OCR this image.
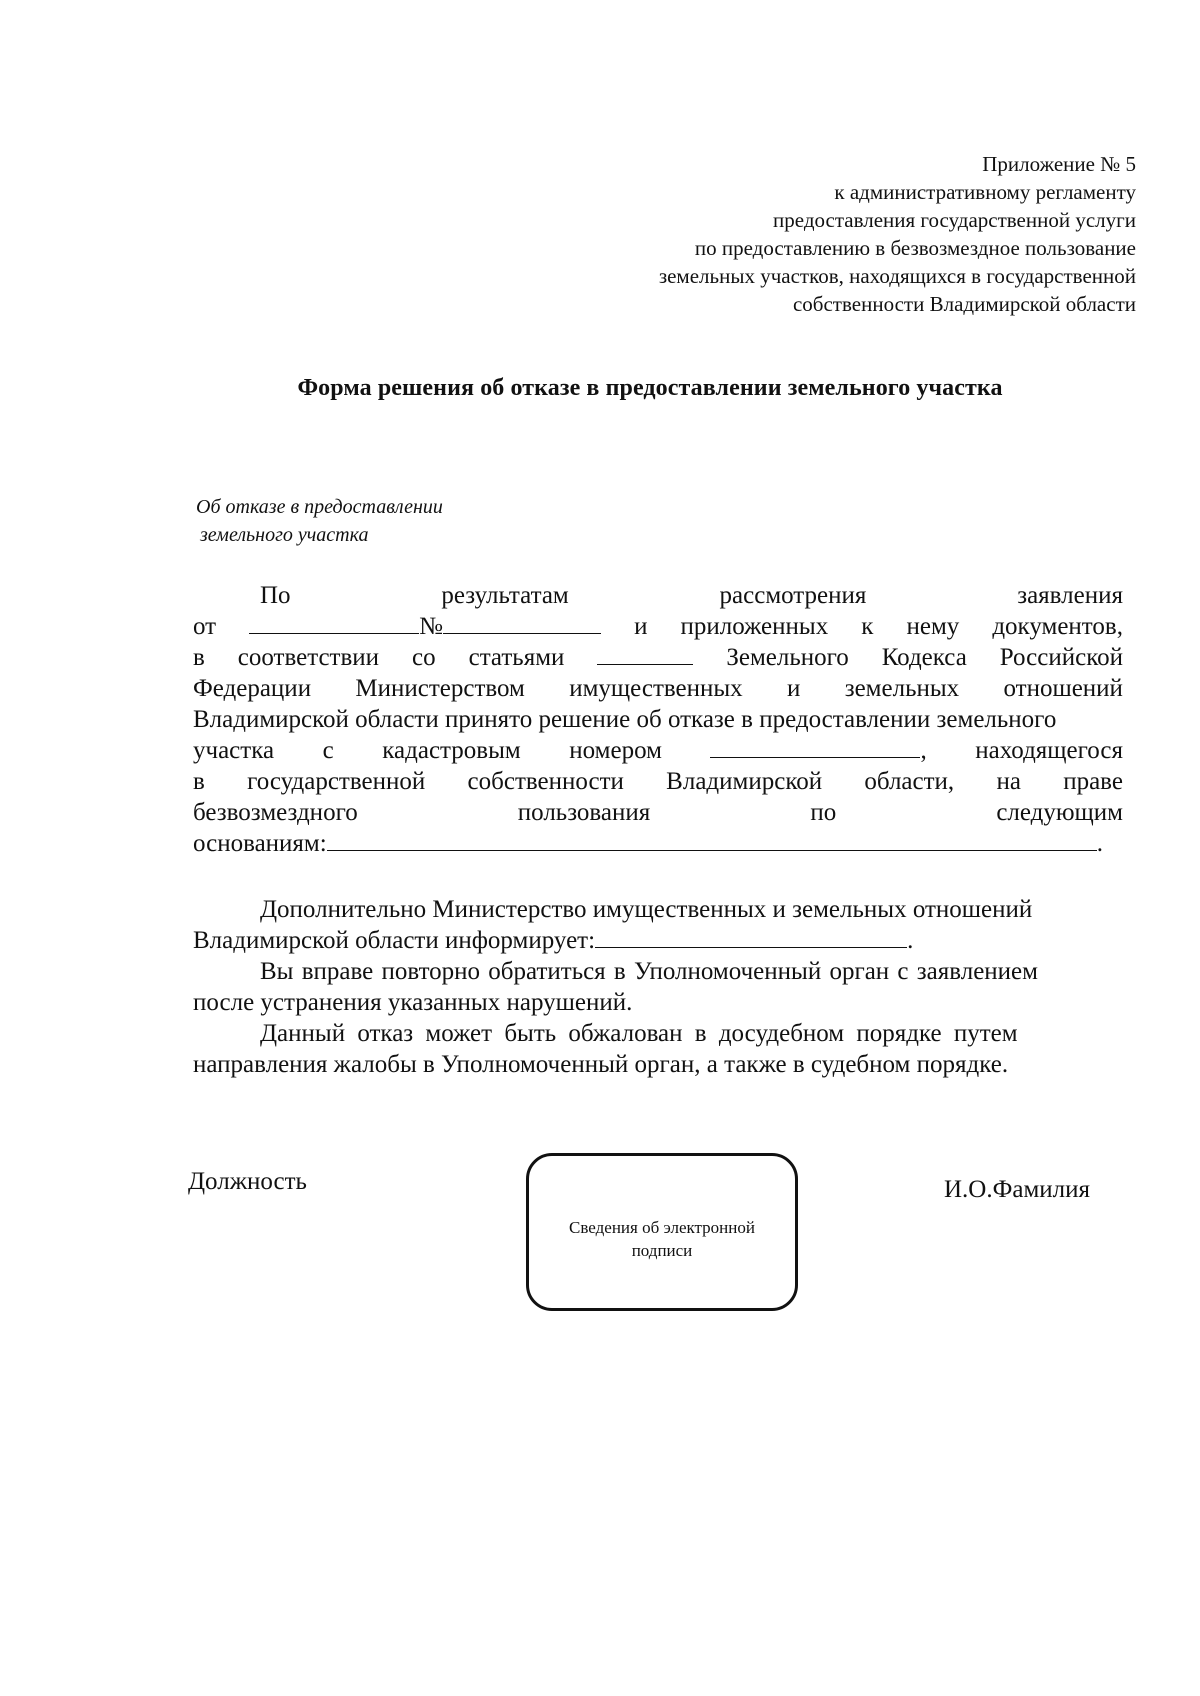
Приложение № 5
к административному регламенту
предоставления государственной услуги
по предоставлению в безвозмездное пользование
земельных участков, находящихся в государственной
собственности Владимирской области
Форма решения об отказе в предоставлении земельного участка
Об отказе в предоставлении
земельного участка
По	результатам	рассмотрения	заявления
от	№	и приложенных к нему документов,
в соответствии со статьями	Земельного Кодекса Российской
Федерации Министерством имущественных и земельных отношений
Владимирской области принято решение об отказе в предоставлении земельного
участка с кадастровым номером	, находящегося
в государственной собственности Владимирской области, на праве
безвозмездного	пользования	по	следующим
основаниям:	.
Дополнительно Министерство имущественных и земельных отношений
Владимирской области информирует:	.
Вы вправе повторно обратиться в Уполномоченный орган с заявлением
после устранения указанных нарушений.
Данный отказ может быть обжалован в досудебном порядке путем
направления жалобы в Уполномоченный орган, а также в судебном порядке.
Должность
Сведения об электронной
подписи
И.О.Фамилия
